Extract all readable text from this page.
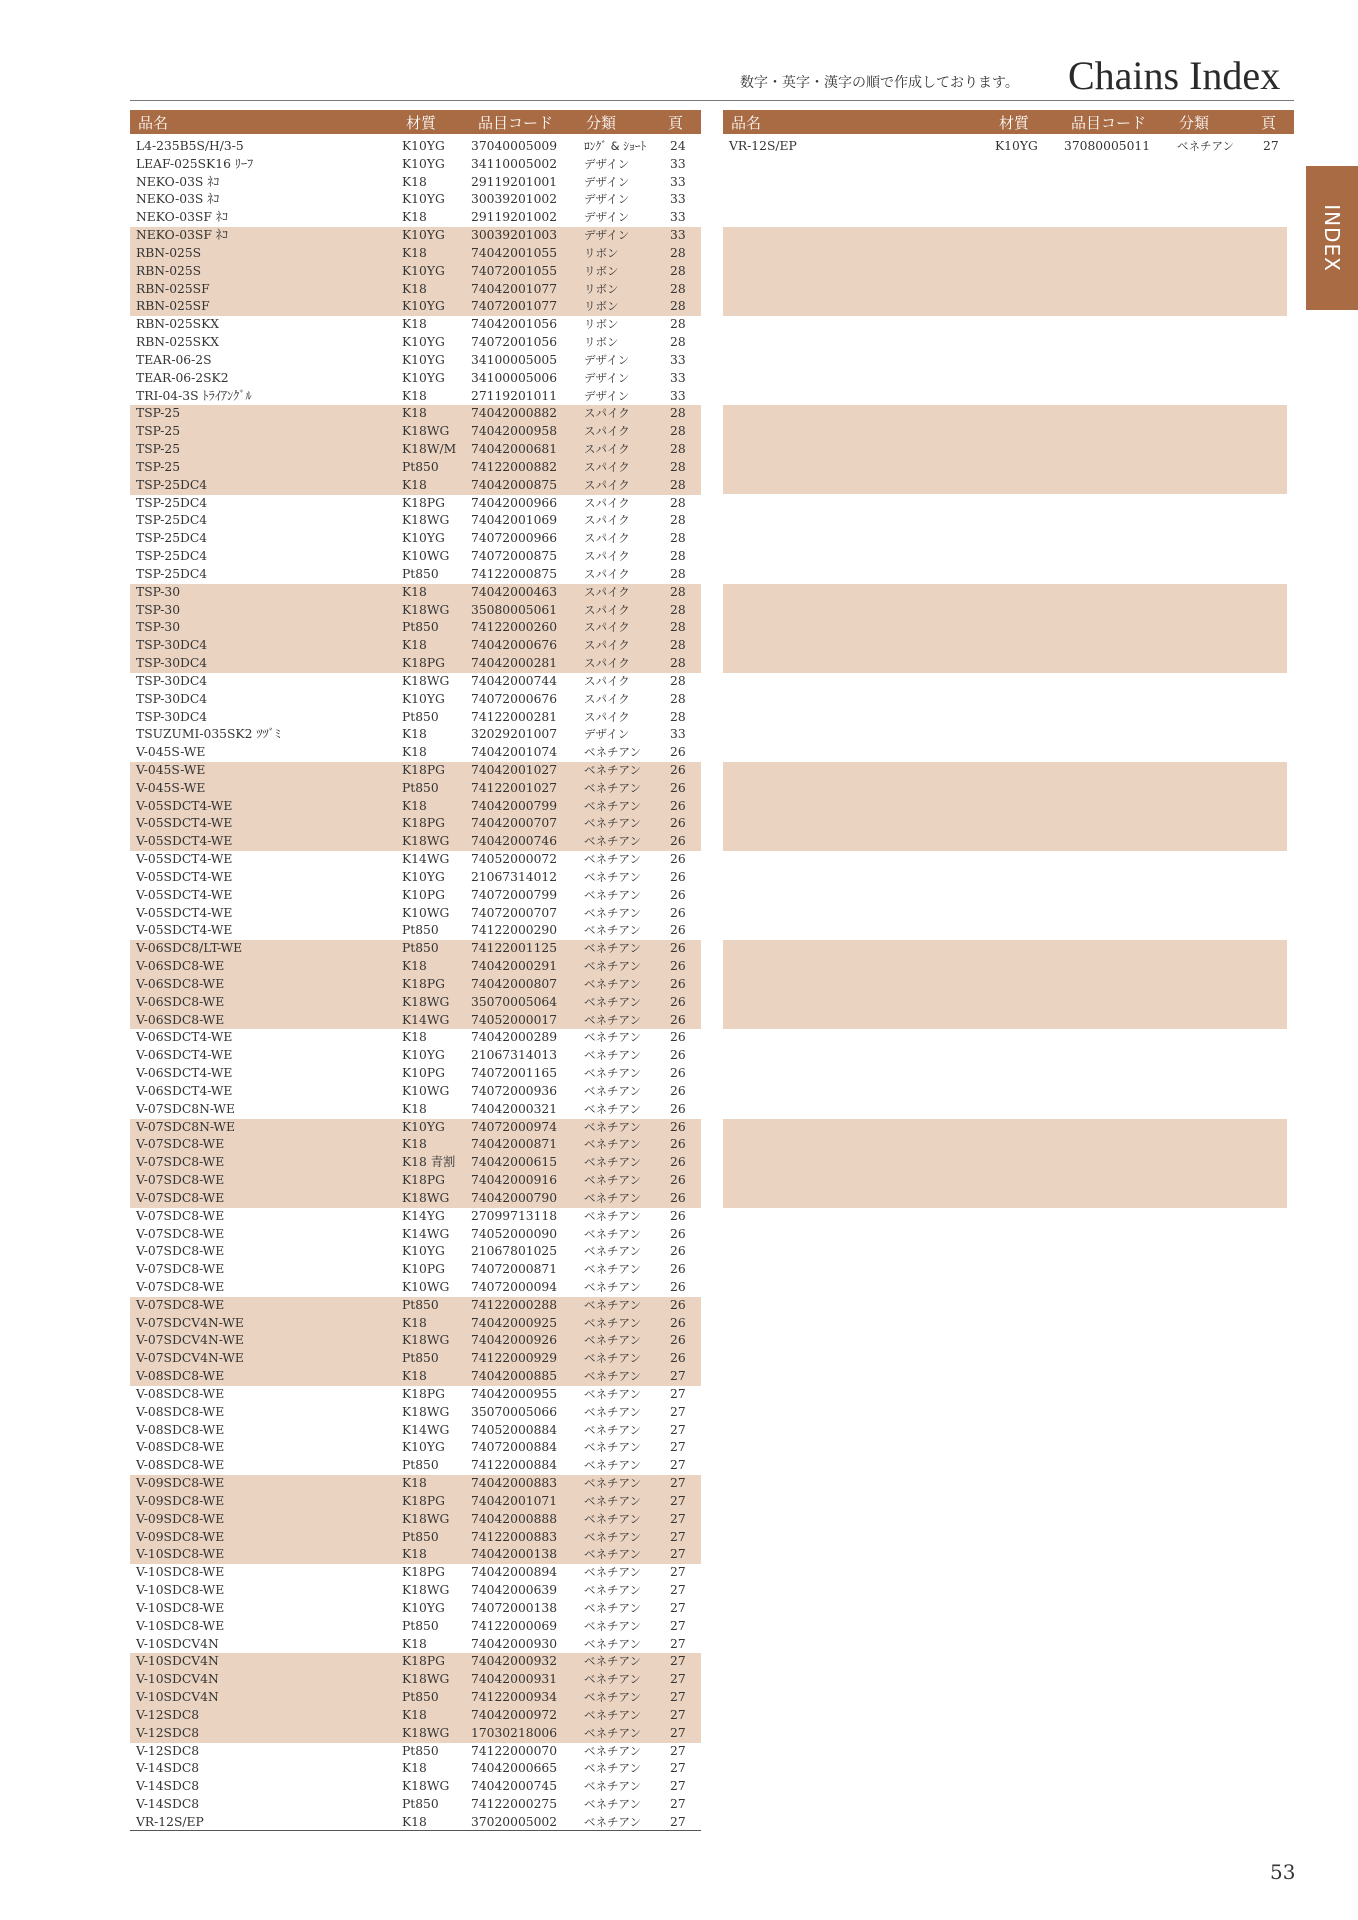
数字・英字・漢字の順で作成しております。 Chains Index
品名	材質	品目コード 分類	頁
L4-235B5S/H/3-5	K10YG 37040005009 ﾛﾝｸﾞ & ｼｮｰﾄ 24
LEAF-025SK16 ﾘｰﾌ	K10YG 34110005002 デザイン	33
NEKO-03S ﾈｺ	K18	29119201001 デザイン	33
NEKO-03S ﾈｺ	K10YG 30039201002 デザイン	33
NEKO-03SF ﾈｺ	K18	29119201002 デザイン	33
NEKO-03SF ﾈｺ	K10YG 30039201003 デザイン	33
RBN-025S	K18	74042001055 リボン	28
RBN-025S	K10YG 74072001055 リボン	28
RBN-025SF	K18	74042001077 リボン	28
RBN-025SF	K10YG 74072001077 リボン	28
RBN-025SKX	K18	74042001056 リボン	28
RBN-025SKX	K10YG 74072001056 リボン	28
TEAR-06-2S	K10YG 34100005005 デザイン	33
TEAR-06-2SK2	K10YG 34100005006 デザイン	33
TRI-04-3S ﾄﾗｲｱﾝｸﾞﾙ	K18	27119201011 デザイン	33
TSP-25	K18	74042000882 スパイク	28
TSP-25	K18WG 74042000958 スパイク	28
TSP-25	K18W/M 74042000681 スパイク	28
TSP-25	Pt850	74122000882 スパイク	28
TSP-25DC4	K18	74042000875 スパイク	28
TSP-25DC4	K18PG 74042000966 スパイク	28
TSP-25DC4	K18WG 74042001069 スパイク	28
TSP-25DC4	K10YG 74072000966 スパイク	28
TSP-25DC4	K10WG 74072000875 スパイク	28
TSP-25DC4	Pt850	74122000875 スパイク	28
TSP-30	K18	74042000463 スパイク	28
TSP-30	K18WG 35080005061 スパイク	28
TSP-30	Pt850	74122000260 スパイク	28
TSP-30DC4	K18	74042000676 スパイク	28
TSP-30DC4	K18PG 74042000281 スパイク	28
TSP-30DC4	K18WG 74042000744 スパイク	28
TSP-30DC4	K10YG 74072000676 スパイク	28
TSP-30DC4	Pt850	74122000281 スパイク	28
TSUZUMI-035SK2 ﾂﾂﾞﾐ	K18	32029201007 デザイン	33
V-045S-WE	K18	74042001074 ベネチアン 26
V-045S-WE	K18PG 74042001027 ベネチアン 26
V-045S-WE	Pt850	74122001027 ベネチアン 26
V-05SDCT4-WE	K18	74042000799 ベネチアン 26
V-05SDCT4-WE	K18PG 74042000707 ベネチアン 26
V-05SDCT4-WE	K18WG 74042000746 ベネチアン 26
V-05SDCT4-WE	K14WG 74052000072 ベネチアン 26
V-05SDCT4-WE	K10YG 21067314012 ベネチアン 26
V-05SDCT4-WE	K10PG 74072000799 ベネチアン 26
V-05SDCT4-WE	K10WG 74072000707 ベネチアン 26
V-05SDCT4-WE	Pt850	74122000290 ベネチアン 26
V-06SDC8/LT-WE	Pt850	74122001125 ベネチアン 26
V-06SDC8-WE	K18	74042000291 ベネチアン 26
V-06SDC8-WE	K18PG 74042000807 ベネチアン 26
V-06SDC8-WE	K18WG 35070005064 ベネチアン 26
V-06SDC8-WE	K14WG 74052000017 ベネチアン 26
V-06SDCT4-WE	K18	74042000289 ベネチアン 26
V-06SDCT4-WE	K10YG 21067314013 ベネチアン 26
V-06SDCT4-WE	K10PG 74072001165 ベネチアン 26
V-06SDCT4-WE	K10WG 74072000936 ベネチアン 26
V-07SDC8N-WE	K18	74042000321 ベネチアン 26
V-07SDC8N-WE	K10YG 74072000974 ベネチアン 26
V-07SDC8-WE	K18	74042000871 ベネチアン 26
V-07SDC8-WE	K18 青割 74042000615 ベネチアン 26
V-07SDC8-WE	K18PG 74042000916 ベネチアン 26
V-07SDC8-WE	K18WG 74042000790 ベネチアン 26
V-07SDC8-WE	K14YG 27099713118 ベネチアン 26
V-07SDC8-WE	K14WG 74052000090 ベネチアン 26
V-07SDC8-WE	K10YG 21067801025 ベネチアン 26
V-07SDC8-WE	K10PG 74072000871 ベネチアン 26
V-07SDC8-WE	K10WG 74072000094 ベネチアン 26
V-07SDC8-WE	Pt850	74122000288 ベネチアン 26
V-07SDCV4N-WE	K18	74042000925 ベネチアン 26
V-07SDCV4N-WE	K18WG 74042000926 ベネチアン 26
V-07SDCV4N-WE	Pt850	74122000929 ベネチアン 26
V-08SDC8-WE	K18	74042000885 ベネチアン 27
V-08SDC8-WE	K18PG 74042000955 ベネチアン 27
V-08SDC8-WE	K18WG 35070005066 ベネチアン 27
V-08SDC8-WE	K14WG 74052000884 ベネチアン 27
V-08SDC8-WE	K10YG 74072000884 ベネチアン 27
V-08SDC8-WE	Pt850	74122000884 ベネチアン 27
V-09SDC8-WE	K18	74042000883 ベネチアン 27
V-09SDC8-WE	K18PG 74042001071 ベネチアン 27
V-09SDC8-WE	K18WG 74042000888 ベネチアン 27
V-09SDC8-WE	Pt850	74122000883 ベネチアン 27
V-10SDC8-WE	K18	74042000138 ベネチアン 27
V-10SDC8-WE	K18PG 74042000894 ベネチアン 27
V-10SDC8-WE	K18WG 74042000639 ベネチアン 27
V-10SDC8-WE	K10YG 74072000138 ベネチアン 27
V-10SDC8-WE	Pt850	74122000069 ベネチアン 27
V-10SDCV4N	K18	74042000930 ベネチアン 27
V-10SDCV4N	K18PG 74042000932 ベネチアン 27
V-10SDCV4N	K18WG 74042000931 ベネチアン 27
V-10SDCV4N	Pt850	74122000934 ベネチアン 27
V-12SDC8	K18	74042000972 ベネチアン 27
V-12SDC8	K18WG 17030218006 ベネチアン 27
V-12SDC8	Pt850	74122000070 ベネチアン 27
V-14SDC8	K18	74042000665 ベネチアン 27
V-14SDC8	K18WG 74042000745 ベネチアン 27
V-14SDC8	Pt850	74122000275 ベネチアン 27
VR-12S/EP	K18	37020005002 ベネチアン 27
品名	材質	品目コード 分類	頁
VR-12S/EP	K10YG 37080005011 ベネチアン 27
INDEX
53
